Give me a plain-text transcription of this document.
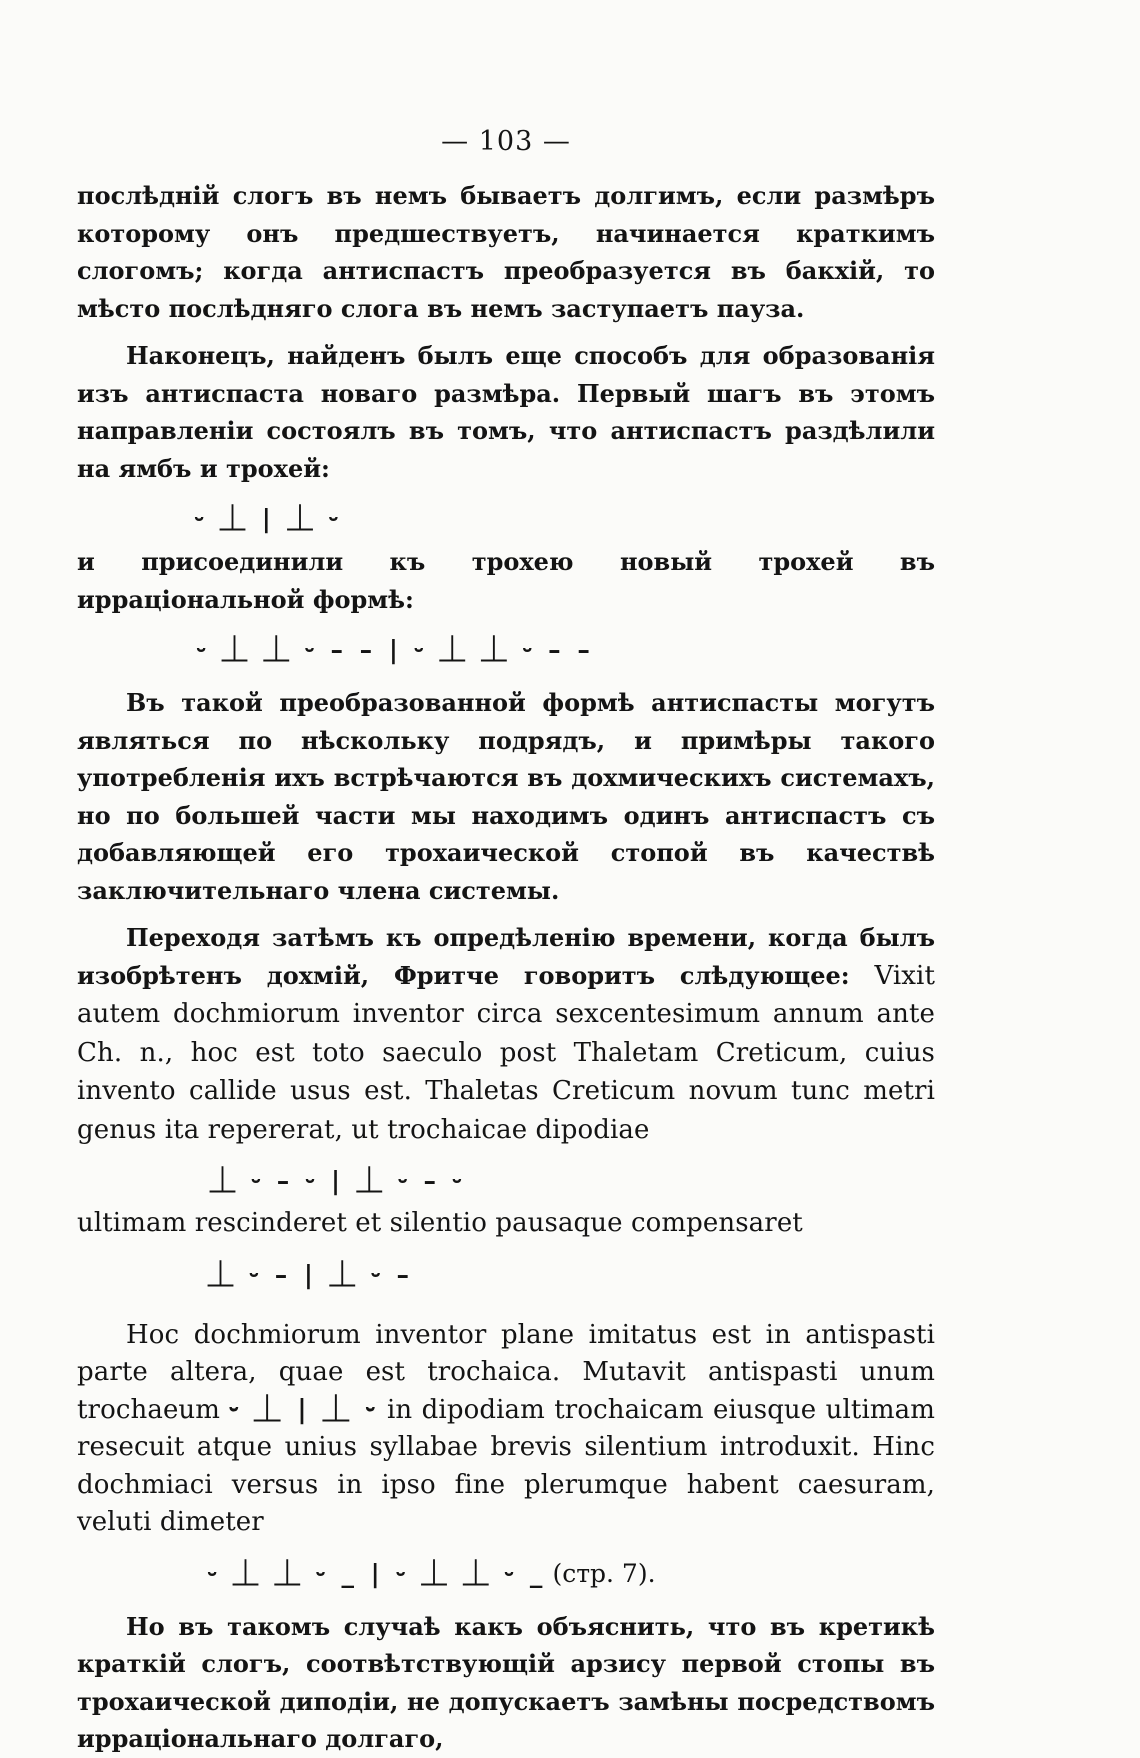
— 103 —

послѣдній слогъ въ немъ бываетъ долгимъ, если размѣръ которому онъ предшествуетъ, начинается краткимъ слогомъ; когда антиспастъ преобразуется въ бакхій, то мѣсто послѣдняго слога въ немъ заступаетъ пауза.

Наконецъ, найденъ былъ еще способъ для образованія изъ антиспаста новаго размѣра. Первый шагъ въ этомъ направленіи состоялъ въ томъ, что антиспастъ раздѣлили на ямбъ и трохей:

⏑ ⏊ | ⏊ ⏑

и присоединили къ трохею новый трохей въ ирраціональной формѣ:

⏑ ⏊ ⏊ ⏑ – – | ⏑ ⏊ ⏊ ⏑ – –

Въ такой преобразованной формѣ антиспасты могутъ являться по нѣскольку подрядъ, и примѣры такого употребленія ихъ встрѣчаются въ дохмическихъ системахъ, но по большей части мы находимъ одинъ антиспастъ съ добавляющей его трохаической стопой въ качествѣ заключительнаго члена системы.

Переходя затѣмъ къ опредѣленію времени, когда былъ изобрѣтенъ дохмій, Фритче говоритъ слѣдующее: Vixit autem dochmiorum inventor circa sexcentesimum annum ante Ch. n., hoc est toto saeculo post Thaletam Creticum, cuius invento callide usus est. Thaletas Creticum novum tunc metri genus ita repererat, ut trochaicae dipodiae

⏊ ⏑ – ⏑ | ⏊ ⏑ – ⏑

ultimam rescinderet et silentio pausaque compensaret

⏊ ⏑ – | ⏊ ⏑ –

Hoc dochmiorum inventor plane imitatus est in antispasti parte altera, quae est trochaica. Mutavit antispasti unum trochaeum ⏑ ⏊ | ⏊ ⏑ in dipodiam trochaicam eiusque ultimam resecuit atque unius syllabae brevis silentium introduxit. Hinc dochmiaci versus in ipso fine plerumque habent caesuram, veluti dimeter

⏑ ⏊ ⏊ ⏑ _ | ⏑ ⏊ ⏊ ⏑ _ (стр. 7).

Но въ такомъ случаѣ какъ объяснить, что въ кретикѣ краткій слогъ, соотвѣтствующій арзису первой стопы въ трохаической диподіи, не допускаетъ замѣны посредствомъ ирраціональнаго долгаго,
